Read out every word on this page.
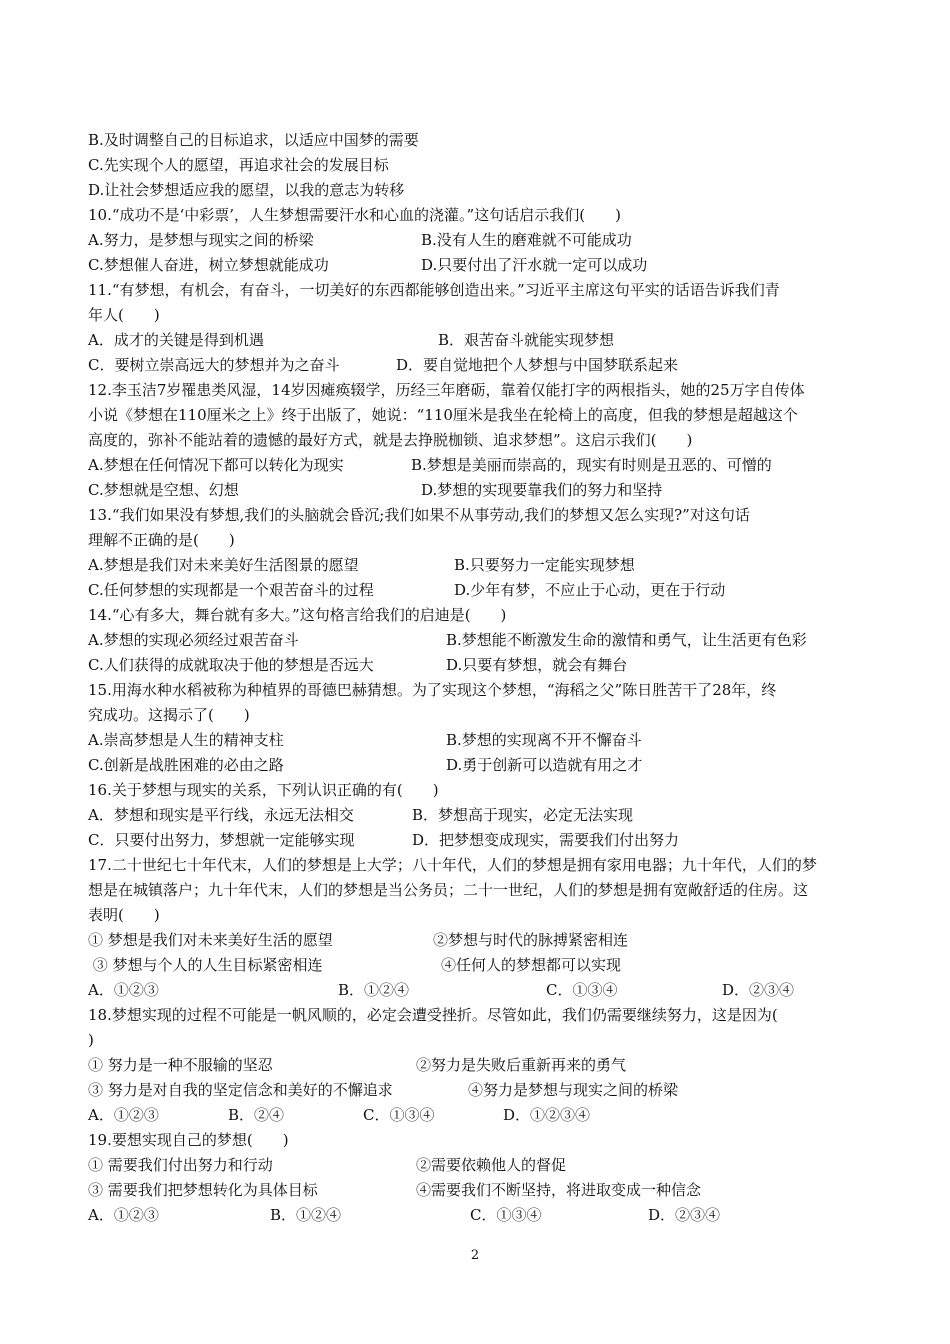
B.及时调整自己的目标追求，以适应中国梦的需要
C.先实现个人的愿望，再追求社会的发展目标
D.让社会梦想适应我的愿望，以我的意志为转移
10.“成功不是‘中彩票’，人生梦想需要汗水和心血的浇灌。”这句话启示我们(　　)
A.努力，是梦想与现实之间的桥梁	B.没有人生的磨难就不可能成功
C.梦想催人奋进，树立梦想就能成功	D.只要付出了汗水就一定可以成功
11.“有梦想，有机会，有奋斗，一切美好的东西都能够创造出来。”习近平主席这句平实的话语告诉我们青
年人(　　)
A．成才的关键是得到机遇	B．艰苦奋斗就能实现梦想
C．要树立崇高远大的梦想并为之奋斗	D．要自觉地把个人梦想与中国梦联系起来
12.李玉洁7岁罹患类风湿，14岁因瘫痪辍学，历经三年磨砺，靠着仅能打字的两根指头，她的25万字自传体
小说《梦想在110厘米之上》终于出版了，她说：“110厘米是我坐在轮椅上的高度，但我的梦想是超越这个
高度的，弥补不能站着的遗憾的最好方式，就是去挣脱枷锁、追求梦想”。这启示我们(　　)
A.梦想在任何情况下都可以转化为现实	B.梦想是美丽而崇高的，现实有时则是丑恶的、可憎的
C.梦想就是空想、幻想	D.梦想的实现要靠我们的努力和坚持
13.“我们如果没有梦想,我们的头脑就会昏沉;我们如果不从事劳动,我们的梦想又怎么实现?”对这句话
理解不正确的是(　　)
A.梦想是我们对未来美好生活图景的愿望	B.只要努力一定能实现梦想
C.任何梦想的实现都是一个艰苦奋斗的过程	D.少年有梦，不应止于心动，更在于行动
14.“心有多大，舞台就有多大。”这句格言给我们的启迪是(　　)
A.梦想的实现必须经过艰苦奋斗	B.梦想能不断激发生命的激情和勇气，让生活更有色彩
C.人们获得的成就取决于他的梦想是否远大	D.只要有梦想，就会有舞台
15.用海水种水稻被称为种植界的哥德巴赫猜想。为了实现这个梦想，“海稻之父”陈日胜苦干了28年，终
究成功。这揭示了(　　)
A.崇高梦想是人生的精神支柱	B.梦想的实现离不开不懈奋斗
C.创新是战胜困难的必由之路	D.勇于创新可以造就有用之才
16.关于梦想与现实的关系，下列认识正确的有(　　)
A．梦想和现实是平行线，永远无法相交	B．梦想高于现实，必定无法实现
C．只要付出努力，梦想就一定能够实现	D．把梦想变成现实，需要我们付出努力
17.二十世纪七十年代末，人们的梦想是上大学；八十年代，人们的梦想是拥有家用电器；九十年代，人们的梦
想是在城镇落户；九十年代末，人们的梦想是当公务员；二十一世纪，人们的梦想是拥有宽敞舒适的住房。这
表明(　　)
① 梦想是我们对未来美好生活的愿望	②梦想与时代的脉搏紧密相连
③ 梦想与个人的人生目标紧密相连	④任何人的梦想都可以实现
A．①②③	B．①②④	C．①③④	D．②③④
18.梦想实现的过程不可能是一帆风顺的，必定会遭受挫折。尽管如此，我们仍需要继续努力，这是因为(
)
① 努力是一种不服输的坚忍	②努力是失败后重新再来的勇气
③ 努力是对自我的坚定信念和美好的不懈追求	④努力是梦想与现实之间的桥梁
A．①②③	B．②④	C．①③④	D．①②③④
19.要想实现自己的梦想(　　)
① 需要我们付出努力和行动	②需要依赖他人的督促
③ 需要我们把梦想转化为具体目标	④需要我们不断坚持，将进取变成一种信念
A．①②③	B．①②④	C．①③④	D．②③④
2
